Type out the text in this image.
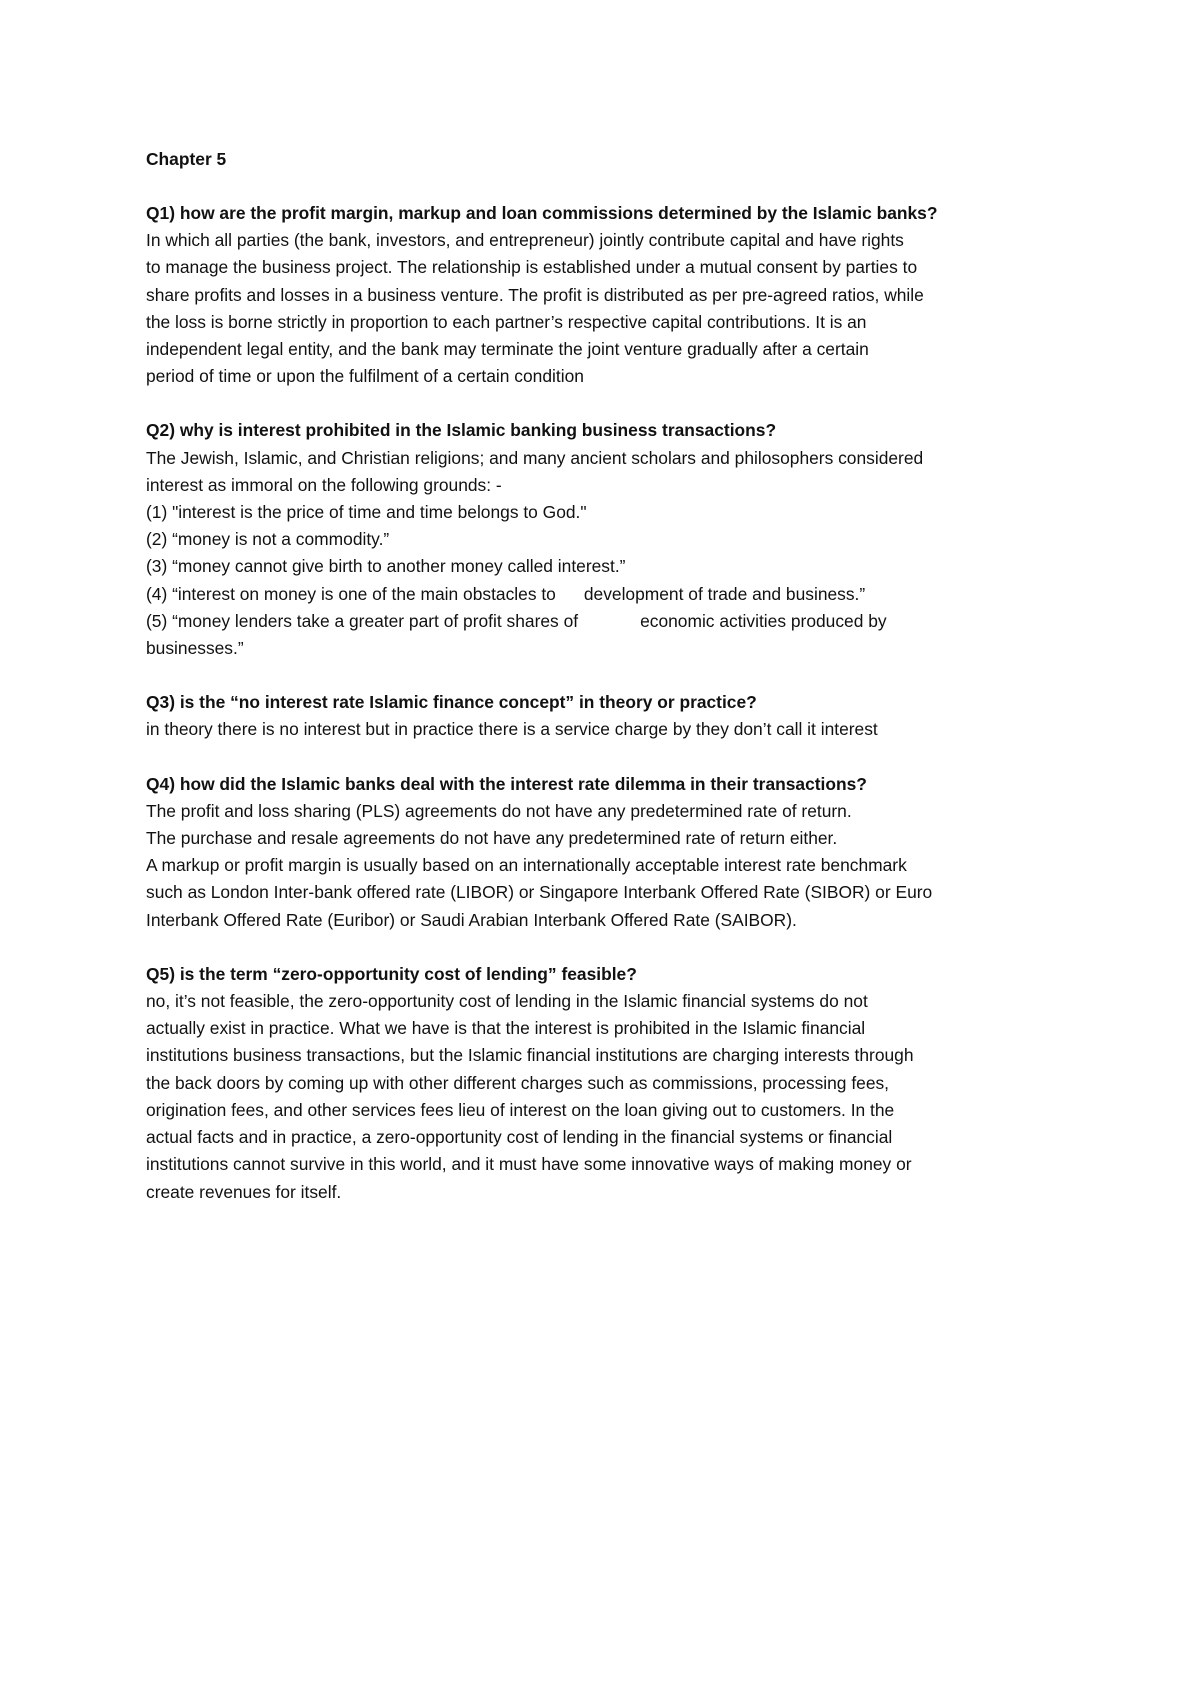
Chapter 5

Q1) how are the profit margin, markup and loan commissions determined by the Islamic banks?

In which all parties (the bank, investors, and entrepreneur) jointly contribute capital and have rights

to manage the business project. The relationship is established under a mutual consent by parties to

share profits and losses in a business venture. The profit is distributed as per pre-agreed ratios, while

the loss is borne strictly in proportion to each partner’s respective capital contributions. It is an

independent legal entity, and the bank may terminate the joint venture gradually after a certain

period of time or upon the fulfilment of a certain condition

Q2) why is interest prohibited in the Islamic banking business transactions?

The Jewish, Islamic, and Christian religions; and many ancient scholars and philosophers considered

interest as immoral on the following grounds: -

(1) "interest is the price of time and time belongs to God."

(2) “money is not a commodity.”

(3) “money cannot give birth to another money called interest.”

(4) “interest on money is one of the main obstacles to development of trade and business.”

(5) “money lenders take a greater part of profit shares of	economic activities produced by

businesses.”

Q3) is the “no interest rate Islamic finance concept” in theory or practice?

in theory there is no interest but in practice there is a service charge by they don’t call it interest

Q4) how did the Islamic banks deal with the interest rate dilemma in their transactions?

The profit and loss sharing (PLS) agreements do not have any predetermined rate of return.

The purchase and resale agreements do not have any predetermined rate of return either.

A markup or profit margin is usually based on an internationally acceptable interest rate benchmark

such as London Inter-bank offered rate (LIBOR) or Singapore Interbank Offered Rate (SIBOR) or Euro

Interbank Offered Rate (Euribor) or Saudi Arabian Interbank Offered Rate (SAIBOR).

Q5) is the term “zero-opportunity cost of lending” feasible?

no, it’s not feasible, the zero-opportunity cost of lending in the Islamic financial systems do not

actually exist in practice. What we have is that the interest is prohibited in the Islamic financial

institutions business transactions, but the Islamic financial institutions are charging interests through

the back doors by coming up with other different charges such as commissions, processing fees,

origination fees, and other services fees lieu of interest on the loan giving out to customers. In the

actual facts and in practice, a zero-opportunity cost of lending in the financial systems or financial

institutions cannot survive in this world, and it must have some innovative ways of making money or

create revenues for itself.
